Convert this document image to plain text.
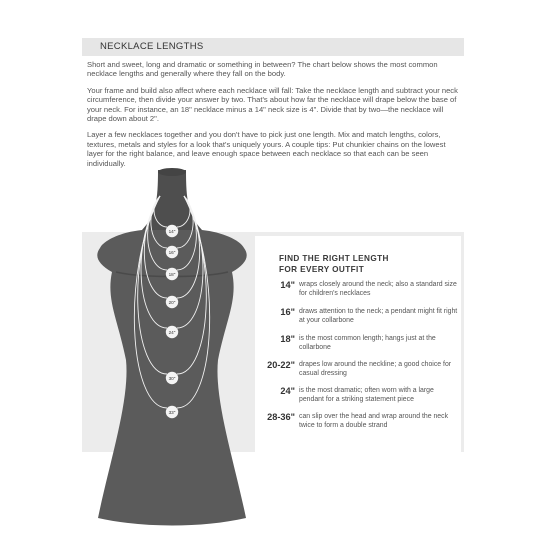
NECKLACE LENGTHS

Short and sweet, long and dramatic or something in between? The chart below shows the most common necklace lengths and generally where they fall on the body.

Your frame and build also affect where each necklace will fall: Take the necklace length and subtract your neck circumference, then divide your answer by two. That's about how far the necklace will drape below the base of your neck. For instance, an 18" necklace minus a 14" neck size is 4". Divide that by two—the necklace will drape down about 2".

Layer a few necklaces together and you don't have to pick just one length. Mix and match lengths, colors, textures, metals and styles for a look that's uniquely yours. A couple tips: Put chunkier chains on the lowest layer for the right balance, and leave enough space between each necklace so that each can be seen individually.

14"
16"
18"
20"
24"
30"
33"
FIND THE RIGHT LENGTH
FOR EVERY OUTFIT
14" wraps closely around the neck; also a standard size for children's necklaces
16" draws attention to the neck; a pendant might fit right at your collarbone
18" is the most common length; hangs just at the collarbone
20-22" drapes low around the neckline; a good choice for casual dressing
24" is the most dramatic; often worn with a large pendant for a striking statement piece
28-36" can slip over the head and wrap around the neck twice to form a double strand
